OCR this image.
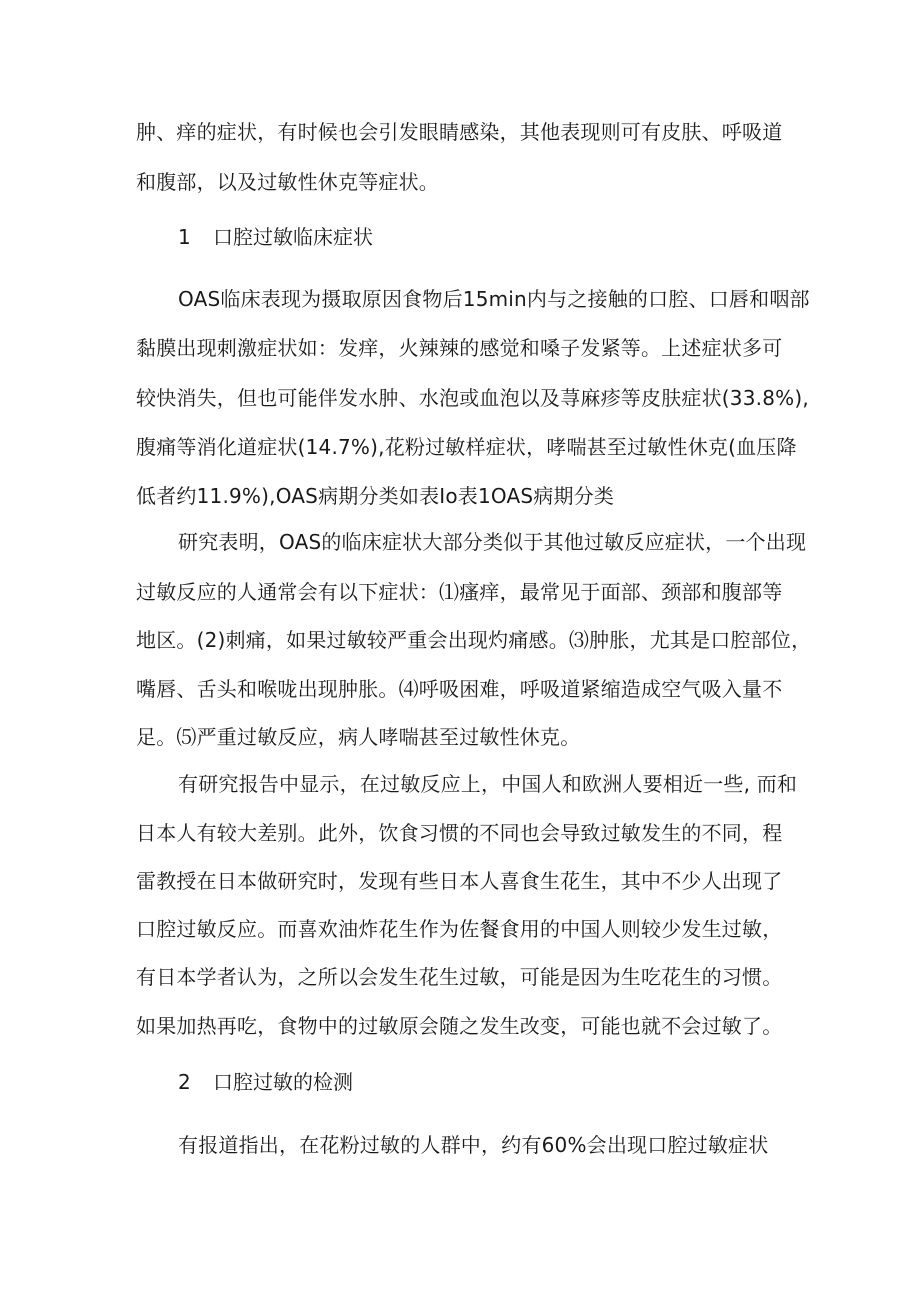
肿、痒的症状，有时候也会引发眼睛感染，其他表现则可有皮肤、呼吸道
和腹部，以及过敏性休克等症状。
1 口腔过敏临床症状
OAS临床表现为摄取原因食物后15min内与之接触的口腔、口唇和咽部
黏膜出现刺激症状如：发痒，火辣辣的感觉和嗓子发紧等。上述症状多可
较快消失，但也可能伴发水肿、水泡或血泡以及荨麻疹等皮肤症状(33.8%),
腹痛等消化道症状(14.7%),花粉过敏样症状，哮喘甚至过敏性休克(血压降
低者约11.9%),OAS病期分类如表Io表1OAS病期分类
研究表明，OAS的临床症状大部分类似于其他过敏反应症状，一个出现
过敏反应的人通常会有以下症状：⑴瘙痒，最常见于面部、颈部和腹部等
地区。(2)刺痛，如果过敏较严重会出现灼痛感。⑶肿胀，尤其是口腔部位，
嘴唇、舌头和喉咙出现肿胀。⑷呼吸困难，呼吸道紧缩造成空气吸入量不
足。⑸严重过敏反应，病人哮喘甚至过敏性休克。
有研究报告中显示，在过敏反应上，中国人和欧洲人要相近一些, 而和
日本人有较大差别。此外，饮食习惯的不同也会导致过敏发生的不同，程
雷教授在日本做研究时，发现有些日本人喜食生花生，其中不少人出现了
口腔过敏反应。而喜欢油炸花生作为佐餐食用的中国人则较少发生过敏，
有日本学者认为，之所以会发生花生过敏，可能是因为生吃花生的习惯。
如果加热再吃，食物中的过敏原会随之发生改变，可能也就不会过敏了。
2 口腔过敏的检测
有报道指出，在花粉过敏的人群中，约有60%会出现口腔过敏症状
